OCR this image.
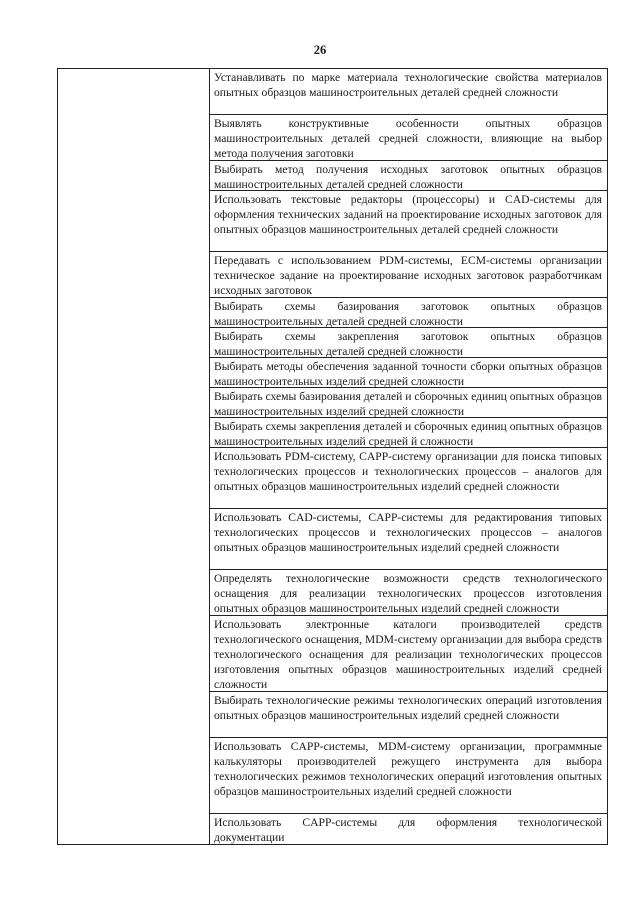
26

Устанавливать по марке материала технологические свойства материалов опытных образцов машиностроительных деталей средней сложности
Выявлять конструктивные особенности опытных образцов машиностроительных деталей средней сложности, влияющие на выбор метода получения заготовки
Выбирать метод получения исходных заготовок опытных образцов машиностроительных деталей средней сложности
Использовать текстовые редакторы (процессоры) и CAD-системы для оформления технических заданий на проектирование исходных заготовок для опытных образцов машиностроительных деталей средней сложности
Передавать с использованием PDM-системы, ECM-системы организации техническое задание на проектирование исходных заготовок разработчикам исходных заготовок
Выбирать схемы базирования заготовок опытных образцов машиностроительных деталей средней сложности
Выбирать схемы закрепления заготовок опытных образцов машиностроительных деталей средней сложности
Выбирать методы обеспечения заданной точности сборки опытных образцов машиностроительных изделий средней сложности
Выбирать схемы базирования деталей и сборочных единиц опытных образцов машиностроительных изделий средней сложности
Выбирать схемы закрепления деталей и сборочных единиц опытных образцов машиностроительных изделий средней й сложности
Использовать PDM-систему, CAPP-систему организации для поиска типовых технологических процессов и технологических процессов – аналогов для опытных образцов машиностроительных изделий средней сложности
Использовать CAD-системы, CAPP-системы для редактирования типовых технологических процессов и технологических процессов – аналогов опытных образцов машиностроительных изделий средней сложности
Определять технологические возможности средств технологического оснащения для реализации технологических процессов изготовления опытных образцов машиностроительных изделий средней сложности
Использовать электронные каталоги производителей средств технологического оснащения, MDM-систему организации для выбора средств технологического оснащения для реализации технологических процессов изготовления опытных образцов машиностроительных изделий средней сложности
Выбирать технологические режимы технологических операций изготовления опытных образцов машиностроительных изделий средней сложности
Использовать CAPP-системы, MDM-систему организации, программные калькуляторы производителей режущего инструмента для выбора технологических режимов технологических операций изготовления опытных образцов машиностроительных изделий средней сложности
Использовать CAPP-системы для оформления технологической документации
